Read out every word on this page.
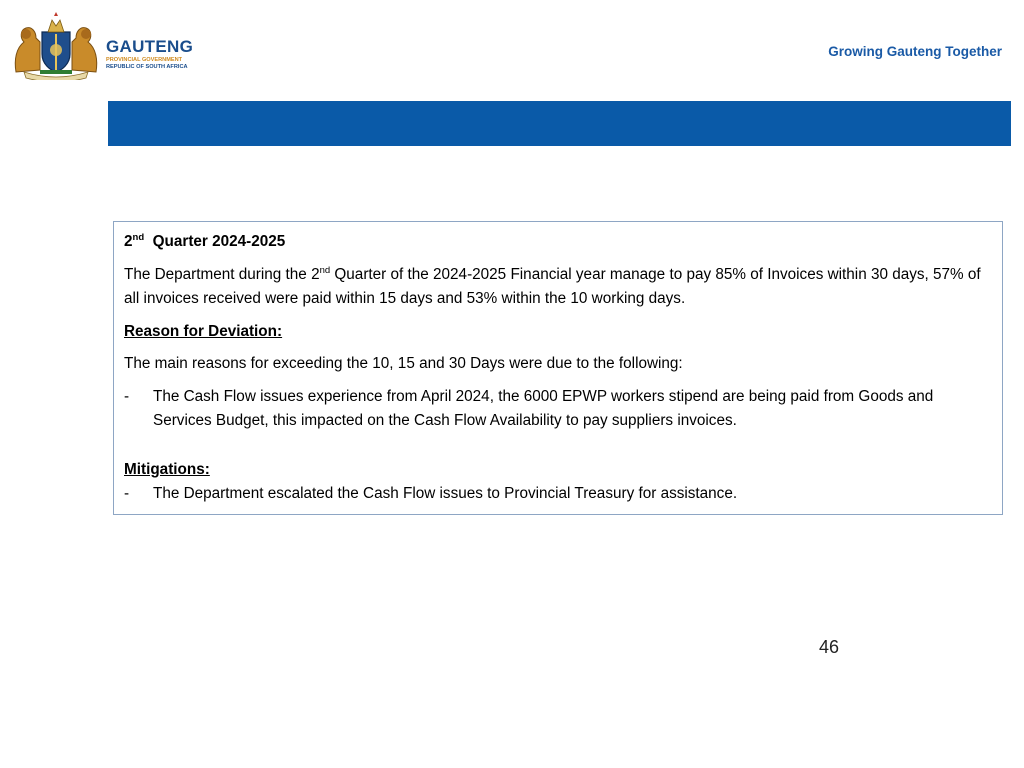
GAUTENG
PROVINCIAL GOVERNMENT
REPUBLIC OF SOUTH AFRICA
Growing Gauteng Together
2nd Quarter 2024-2025
The Department during the 2nd Quarter of the 2024-2025 Financial year manage to pay 85% of Invoices within 30 days, 57% of all invoices received were paid within 15 days and 53% within the 10 working days.
Reason for Deviation:
The main reasons for exceeding the 10, 15 and 30 Days were due to the following:
-	The Cash Flow issues experience from April 2024, the 6000 EPWP workers stipend are being paid from Goods and Services Budget, this impacted on the Cash Flow Availability to pay suppliers invoices.
Mitigations:
-	The Department escalated the Cash Flow issues to Provincial Treasury for assistance.
46
